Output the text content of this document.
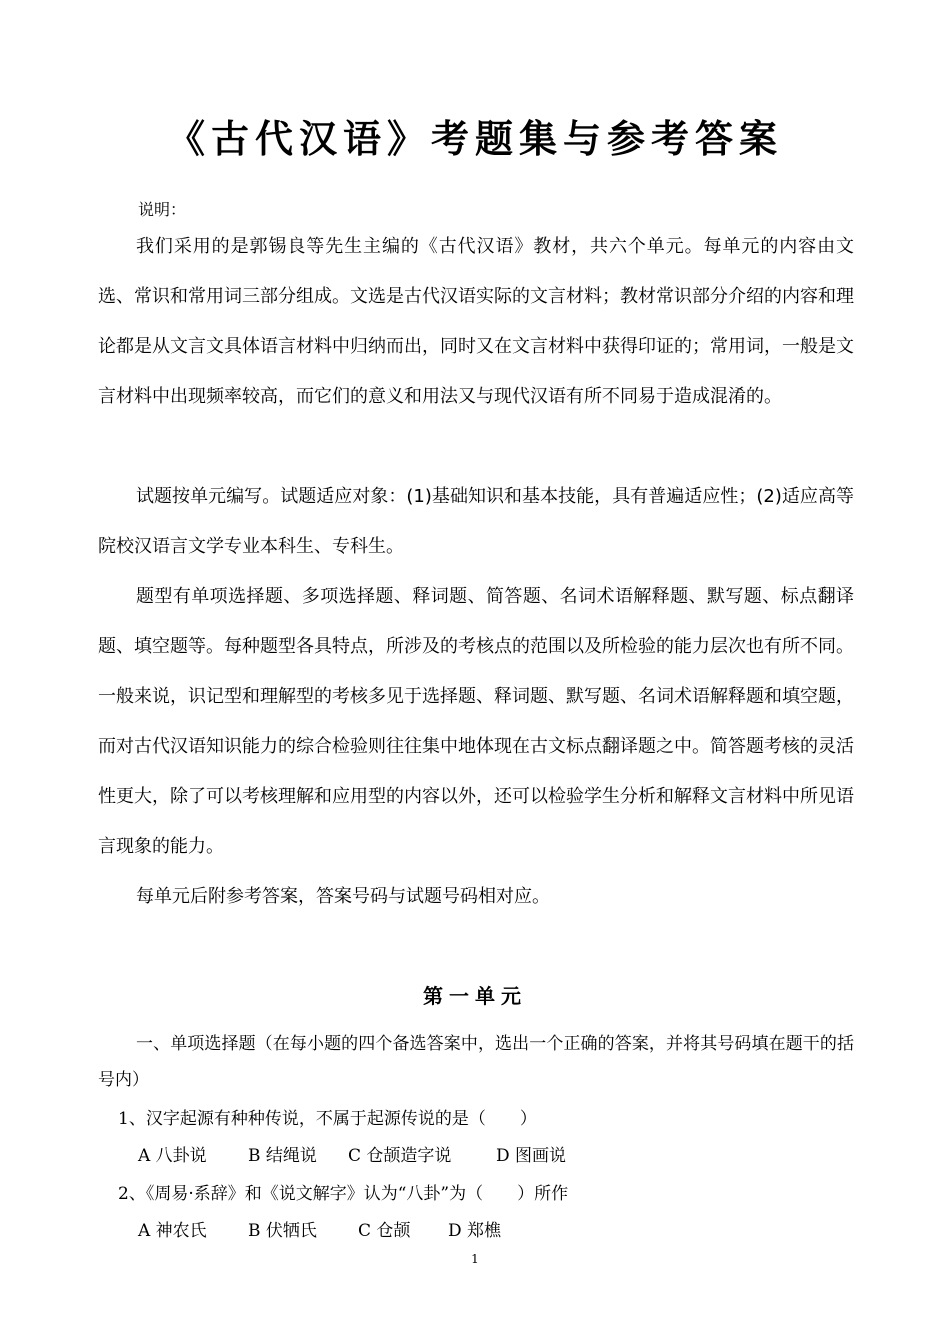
《古代汉语》考题集与参考答案
说明：

我们采用的是郭锡良等先生主编的《古代汉语》教材，共六个单元。每单元的内容由文选、常识和常用词三部分组成。文选是古代汉语实际的文言材料；教材常识部分介绍的内容和理论都是从文言文具体语言材料中归纳而出，同时又在文言材料中获得印证的；常用词，一般是文言材料中出现频率较高，而它们的意义和用法又与现代汉语有所不同易于造成混淆的。

试题按单元编写。试题适应对象：(1)基础知识和基本技能，具有普遍适应性；(2)适应高等院校汉语言文学专业本科生、专科生。

题型有单项选择题、多项选择题、释词题、简答题、名词术语解释题、默写题、标点翻译题、填空题等。每种题型各具特点，所涉及的考核点的范围以及所检验的能力层次也有所不同。一般来说，识记型和理解型的考核多见于选择题、释词题、默写题、名词术语解释题和填空题，而对古代汉语知识能力的综合检验则往往集中地体现在古文标点翻译题之中。简答题考核的灵活性更大，除了可以考核理解和应用型的内容以外，还可以检验学生分析和解释文言材料中所见语言现象的能力。

每单元后附参考答案，答案号码与试题号码相对应。

第一单元

一、单项选择题（在每小题的四个备选答案中，选出一个正确的答案，并将其号码填在题干的括号内）

1、汉字起源有种种传说，不属于起源传说的是（　　）
A 八卦说 B 结绳说 C 仓颉造字说	D 图画说
2、《周易·系辞》和《说文解字》认为“八卦”为（　　）所作
A 神农氏 B 伏牺氏 C 仓颉 D 郑樵
1
